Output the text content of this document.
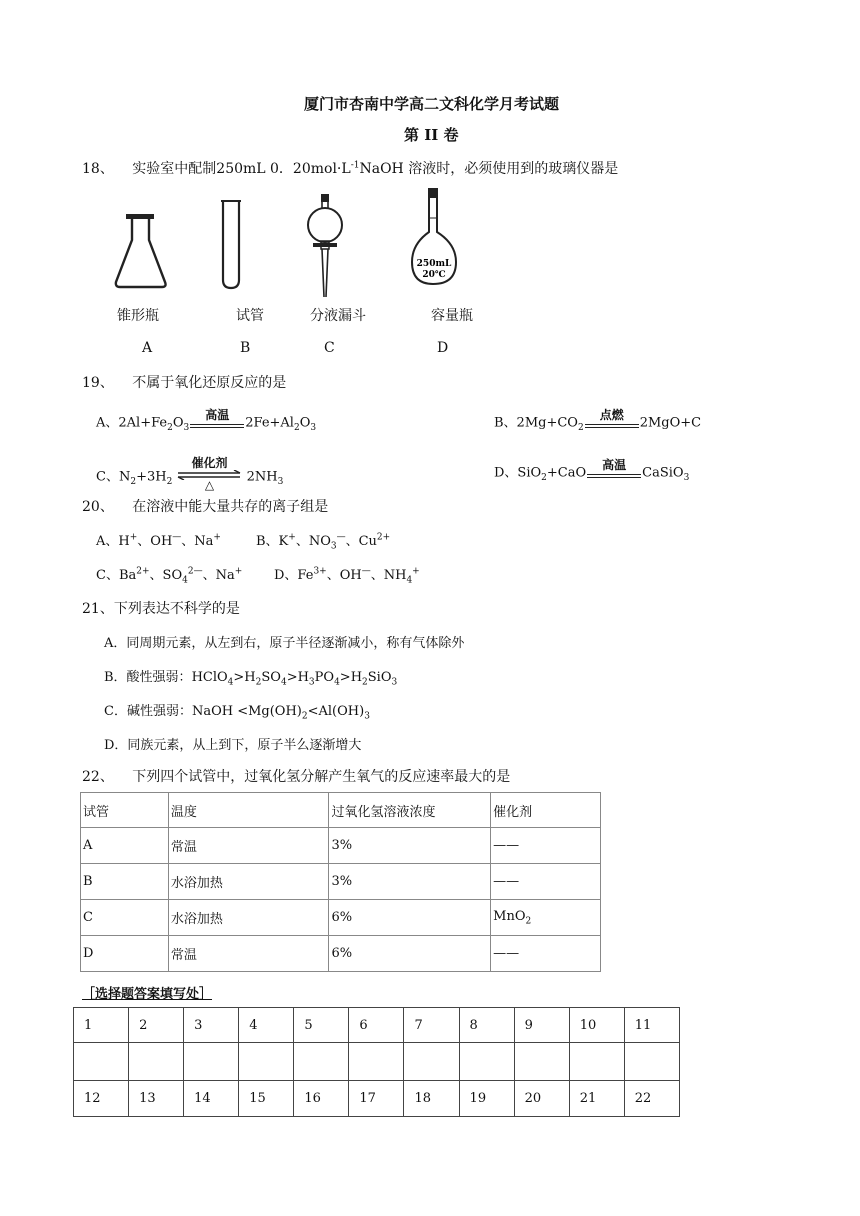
厦门市杏南中学高二文科化学月考试题
第 II 卷
18、 实验室中配制250mL 0．$20mol\cdot L^{-1}NaOH$ 溶液时，必须使用到的玻璃仪器是
250mL
20℃
锥形瓶	试管	分液漏斗	容量瓶
A	B	C	D
19、 不属于氧化还原反应的是
A、$2Al+Fe_2O_3$
高温
$2Fe+Al_2O_3$	B、$2Mg+CO_2$
点燃
2MgO+C
C、$N_2+3H_2$
催化剂
△
$2NH_3$
D、SiO$_2$+CaO
高温
CaSiO$_3$
20、 在溶液中能大量共存的离子组是
A、H+、OH—、Na+	B、K+、$NO_3^—$、$Cu^{2+}$
C、$Ba^{2+}$、$SO_4^{2—}$、Na+ D、$Fe^{3+}$、OH—、$NH_4^+$
21、下列表达不科学的是
A．同周期元素，从左到右，原子半径逐渐减小，称有气体除外
B．酸性强弱：$HClO_4>H_2SO_4>H_3PO_4>H_2SiO_3$
C．碱性强弱：NaOH $<Mg(OH)_2<Al(OH)_3$
D．同族元素，从上到下，原子半么逐渐增大
22、 下列四个试管中，过氧化氢分解产生氧气的反应速率最大的是
试管	温度	过氧化氢溶液浓度	催化剂
A	常温	3%	——
B	水浴加热	3%	——
C	水浴加热	6%	MnO$_2$
D	常温	6%	——
［选择题答案填写处］
1	2	3	4	5	6	7	8	9	10	11

12	13	14	15	16	17	18	19	20	21	22
